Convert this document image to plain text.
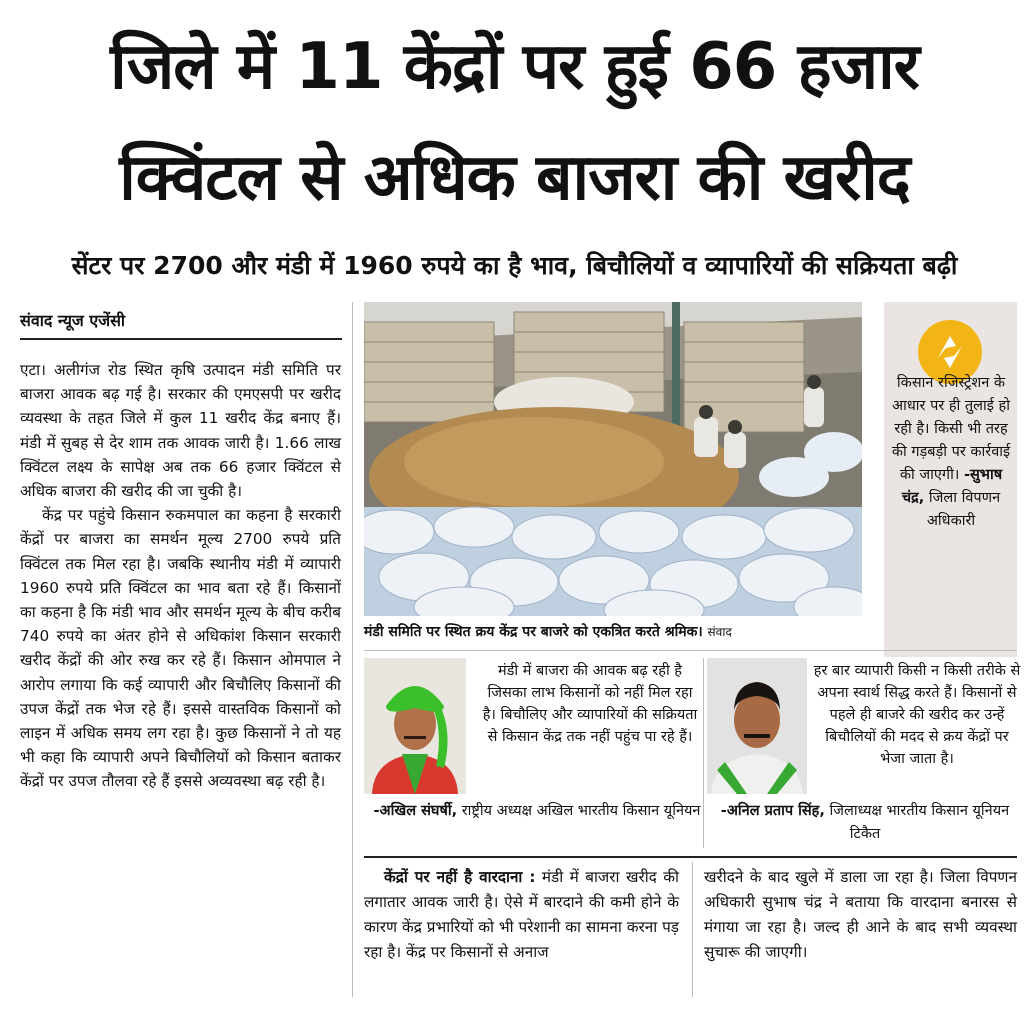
जिले में 11 केंद्रों पर हुई 66 हजार
क्विंटल से अधिक बाजरा की खरीद
सेंटर पर 2700 और मंडी में 1960 रुपये का है भाव, बिचौलियों व व्यापारियों की सक्रियता बढ़ी
संवाद न्यूज एजेंसी

एटा। अलीगंज रोड स्थित कृषि उत्पादन मंडी समिति पर बाजरा आवक बढ़ गई है। सरकार की एमएसपी पर खरीद व्यवस्था के तहत जिले में कुल 11 खरीद केंद्र बनाए हैं। मंडी में सुबह से देर शाम तक आवक जारी है। 1.66 लाख क्विंटल लक्ष्य के सापेक्ष अब तक 66 हजार क्विंटल से अधिक बाजरा की खरीद की जा चुकी है।

केंद्र पर पहुंचे किसान रुकमपाल का कहना है सरकारी केंद्रों पर बाजरा का समर्थन मूल्य 2700 रुपये प्रति क्विंटल तक मिल रहा है। जबकि स्थानीय मंडी में व्यापारी 1960 रुपये प्रति क्विंटल का भाव बता रहे हैं। किसानों का कहना है कि मंडी भाव और समर्थन मूल्य के बीच करीब 740 रुपये का अंतर होने से अधिकांश किसान सरकारी खरीद केंद्रों की ओर रुख कर रहे हैं। किसान ओमपाल ने आरोप लगाया कि कई व्यापारी और बिचौलिए किसानों की उपज केंद्रों तक भेज रहे हैं। इससे वास्तविक किसानों को लाइन में अधिक समय लग रहा है। कुछ किसानों ने तो यह भी कहा कि व्यापारी अपने बिचौलियों को किसान बताकर केंद्रों पर उपज तौलवा रहे हैं इससे अव्यवस्था बढ़ रही है।

मंडी समिति पर स्थित क्रय केंद्र पर बाजरे को एकत्रित करते श्रमिक। संवाद
किसान रजिस्ट्रेशन के आधार पर ही तुलाई हो रही है। किसी भी तरह की गड़बड़ी पर कार्रवाई की जाएगी। -सुभाष चंद्र, जिला विपणन अधिकारी
मंडी में बाजरा की आवक बढ़ रही है जिसका लाभ किसानों को नहीं मिल रहा है। बिचौलिए और व्यापारियों की सक्रियता से किसान केंद्र तक नहीं पहुंच पा रहे हैं।
-अखिल संघर्षी, राष्ट्रीय अध्यक्ष अखिल भारतीय किसान यूनियन
हर बार व्यापारी किसी न किसी तरीके से अपना स्वार्थ सिद्ध करते हैं। किसानों से पहले ही बाजरे की खरीद कर उन्हें बिचौलियों की मदद से क्रय केंद्रों पर भेजा जाता है।
-अनिल प्रताप सिंह, जिलाध्यक्ष भारतीय किसान यूनियन टिकैत
केंद्रों पर नहीं है वारदाना : मंडी में बाजरा खरीद की लगातार आवक जारी है। ऐसे में बारदाने की कमी होने के कारण केंद्र प्रभारियों को भी परेशानी का सामना करना पड़ रहा है। केंद्र पर किसानों से अनाज
खरीदने के बाद खुले में डाला जा रहा है। जिला विपणन अधिकारी सुभाष चंद्र ने बताया कि वारदाना बनारस से मंगाया जा रहा है। जल्द ही आने के बाद सभी व्यवस्था सुचारू की जाएगी।
